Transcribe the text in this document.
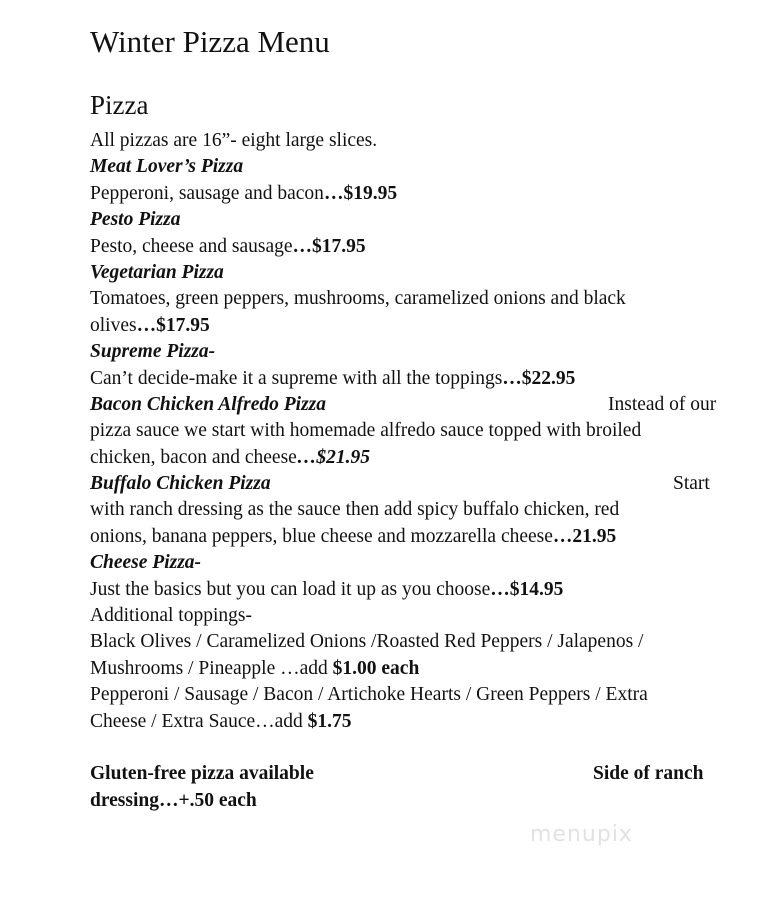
Winter Pizza Menu
Pizza
All pizzas are 16”- eight large slices.
Meat Lover’s Pizza
Pepperoni, sausage and bacon…$19.95
Pesto Pizza
Pesto, cheese and sausage…$17.95
Vegetarian Pizza
Tomatoes, green peppers, mushrooms, caramelized onions and black
olives…$17.95
Supreme Pizza-
Can’t decide-make it a supreme with all the toppings…$22.95
Bacon Chicken Alfredo Pizza	Instead of our
pizza sauce we start with homemade alfredo sauce topped with broiled
chicken, bacon and cheese…$21.95
Buffalo Chicken Pizza	Start
with ranch dressing as the sauce then add spicy buffalo chicken, red
onions, banana peppers, blue cheese and mozzarella cheese…21.95
Cheese Pizza-
Just the basics but you can load it up as you choose…$14.95
Additional toppings-
Black Olives / Caramelized Onions /Roasted Red Peppers / Jalapenos /
Mushrooms / Pineapple …add $1.00 each
Pepperoni / Sausage / Bacon / Artichoke Hearts / Green Peppers / Extra
Cheese / Extra Sauce…add $1.75
Gluten-free pizza available	Side of ranch
dressing…+.50 each
menupix
